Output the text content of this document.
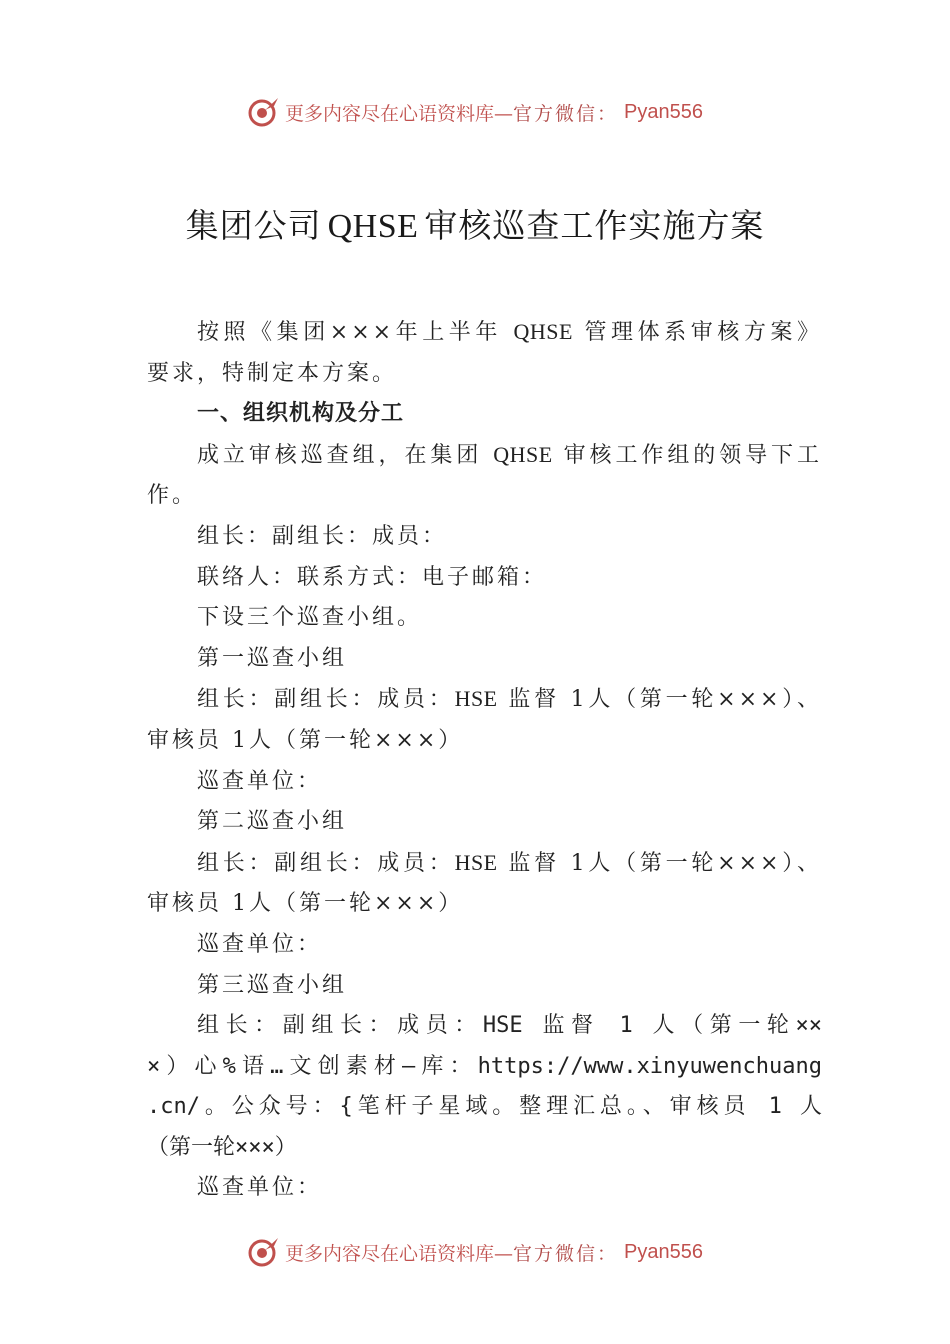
更多内容尽在心语资料库— 官方微信： Pyan556
集团公司 QHSE 审核巡查工作实施方案

按照《集团×××年上半年 QHSE 管理体系审核方案》

要求，特制定本方案。

一、组织机构及分工

成立审核巡查组，在集团 QHSE 审核工作组的领导下工

作。

组长：副组长：成员：

联络人：联系方式：电子邮箱：

下设三个巡查小组。

第一巡查小组

组长：副组长：成员：HSE 监督 1人（第一轮×××）、

审核员 1人（第一轮×××）

巡查单位：

第二巡查小组

组长：副组长：成员：HSE 监督 1人（第一轮×××）、

审核员 1人（第一轮×××）

巡查单位：

第三巡查小组

组长：副组长：成员：HSE 监督 1 人（第一轮××

×）心%语…文创素材—库：https://www.xinyuwenchuang

.cn/。公众号：{笔杆子星域。整理汇总。、审核员 1 人

（第一轮×××）

巡查单位：

更多内容尽在心语资料库— 官方微信： Pyan556
